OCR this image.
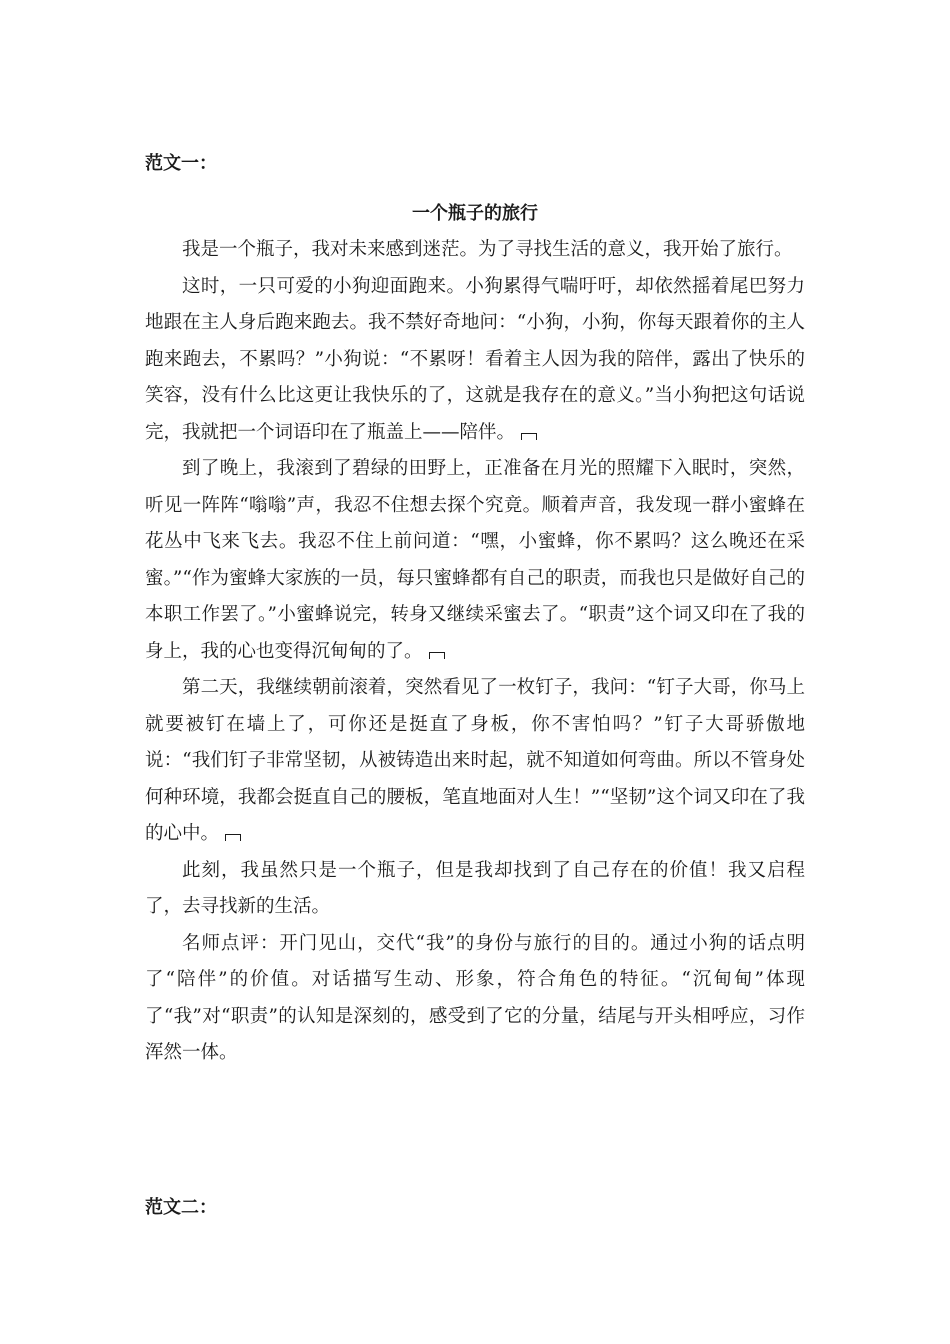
范文一：

一个瓶子的旅行

我是一个瓶子，我对未来感到迷茫。为了寻找生活的意义，我开始了旅行。

这时，一只可爱的小狗迎面跑来。小狗累得气喘吁吁，却依然摇着尾巴努力地跟在主人身后跑来跑去。我不禁好奇地问：“小狗，小狗，你每天跟着你的主人跑来跑去，不累吗？”小狗说：“不累呀！看着主人因为我的陪伴，露出了快乐的笑容，没有什么比这更让我快乐的了，这就是我存在的意义。”当小狗把这句话说完，我就把一个词语印在了瓶盖上——陪伴。

到了晚上，我滚到了碧绿的田野上，正准备在月光的照耀下入眠时，突然，听见一阵阵“嗡嗡”声，我忍不住想去探个究竟。顺着声音，我发现一群小蜜蜂在花丛中飞来飞去。我忍不住上前问道：“嘿，小蜜蜂，你不累吗？这么晚还在采蜜。”“作为蜜蜂大家族的一员，每只蜜蜂都有自己的职责，而我也只是做好自己的本职工作罢了。”小蜜蜂说完，转身又继续采蜜去了。“职责”这个词又印在了我的身上，我的心也变得沉甸甸的了。

第二天，我继续朝前滚着，突然看见了一枚钉子，我问：“钉子大哥，你马上就要被钉在墙上了，可你还是挺直了身板，你不害怕吗？”钉子大哥骄傲地说：“我们钉子非常坚韧，从被铸造出来时起，就不知道如何弯曲。所以不管身处何种环境，我都会挺直自己的腰板，笔直地面对人生！”“坚韧”这个词又印在了我的心中。

此刻，我虽然只是一个瓶子，但是我却找到了自己存在的价值！我又启程了，去寻找新的生活。

名师点评：开门见山，交代“我”的身份与旅行的目的。通过小狗的话点明了“陪伴”的价值。对话描写生动、形象，符合角色的特征。“沉甸甸”体现了“我”对“职责”的认知是深刻的，感受到了它的分量，结尾与开头相呼应，习作浑然一体。

范文二：
